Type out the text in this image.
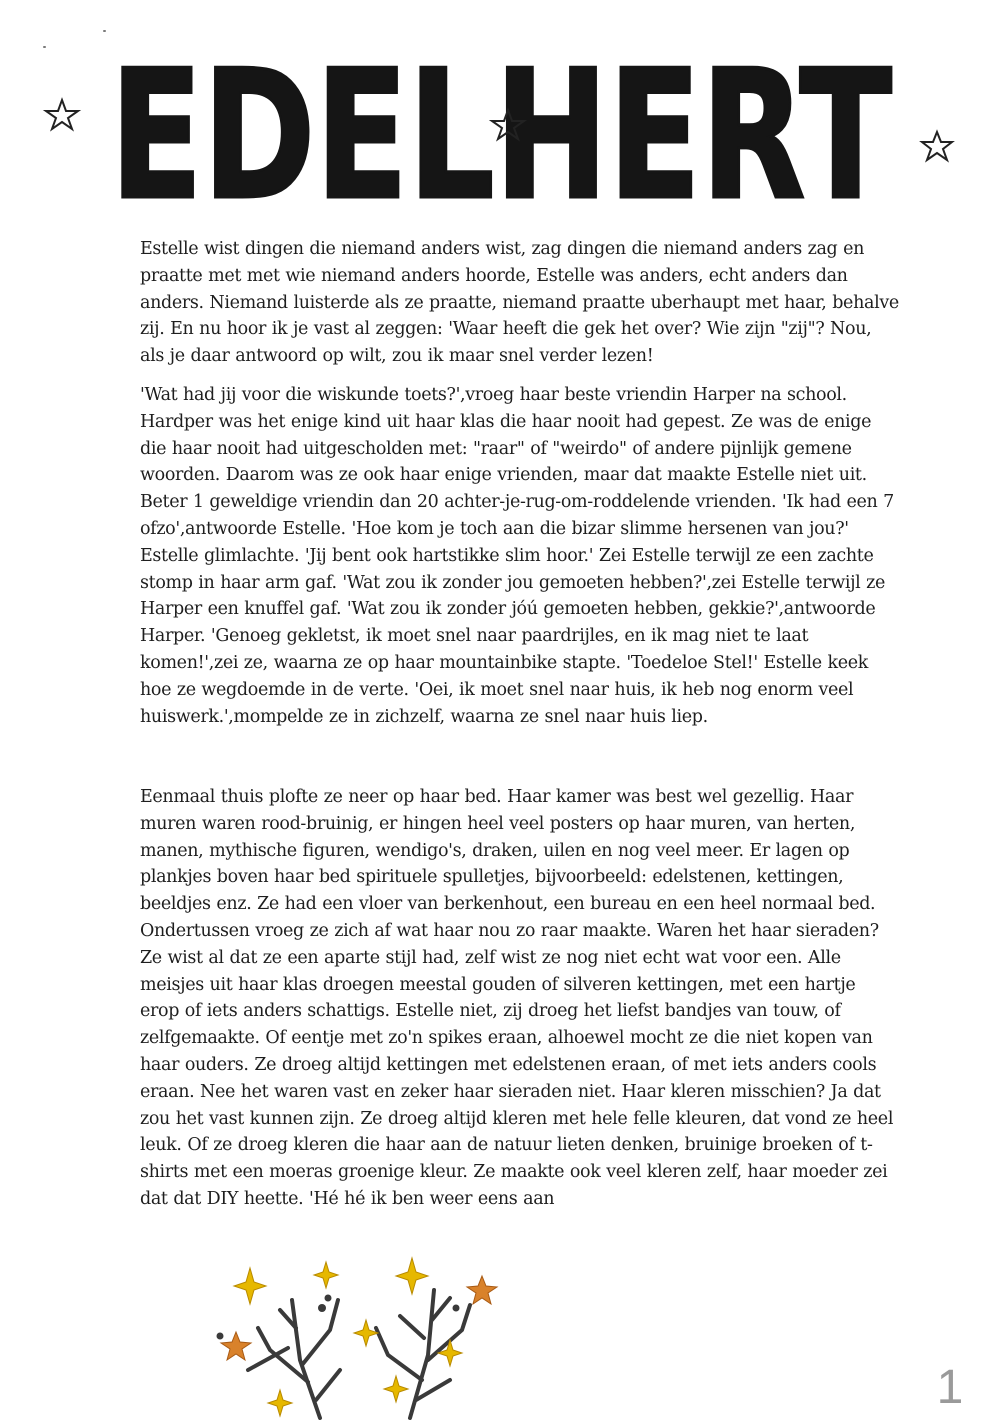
EDELHERT

Estelle wist dingen die niemand anders wist, zag dingen die niemand anders zag en praatte met met wie niemand anders hoorde, Estelle was anders, echt anders dan anders. Niemand luisterde als ze praatte, niemand praatte uberhaupt met haar, behalve zij. En nu hoor ik je vast al zeggen: 'Waar heeft die gek het over? Wie zijn "zij"? Nou, als je daar antwoord op wilt, zou ik maar snel verder lezen!

'Wat had jij voor die wiskunde toets?',vroeg haar beste vriendin Harper na school. Hardper was het enige kind uit haar klas die haar nooit had gepest. Ze was de enige die haar nooit had uitgescholden met: "raar" of "weirdo" of andere pijnlijk gemene woorden. Daarom was ze ook haar enige vrienden, maar dat maakte Estelle niet uit. Beter 1 geweldige vriendin dan 20 achter-je-rug-om-roddelende vrienden. 'Ik had een 7 ofzo',antwoorde Estelle. 'Hoe kom je toch aan die bizar slimme hersenen van jou?' Estelle glimlachte. 'Jij bent ook hartstikke slim hoor.' Zei Estelle terwijl ze een zachte stomp in haar arm gaf. 'Wat zou ik zonder jou gemoeten hebben?',zei Estelle terwijl ze Harper een knuffel gaf. 'Wat zou ik zonder jóú gemoeten hebben, gekkie?',antwoorde Harper. 'Genoeg gekletst, ik moet snel naar paardrijles, en ik mag niet te laat komen!',zei ze, waarna ze op haar mountainbike stapte. 'Toedeloe Stel!' Estelle keek hoe ze wegdoemde in de verte. 'Oei, ik moet snel naar huis, ik heb nog enorm veel huiswerk.',mompelde ze in zichzelf, waarna ze snel naar huis liep.

Eenmaal thuis plofte ze neer op haar bed. Haar kamer was best wel gezellig. Haar muren waren rood-bruinig, er hingen heel veel posters op haar muren, van herten, manen, mythische figuren, wendigo's, draken, uilen en nog veel meer. Er lagen op plankjes boven haar bed spirituele spulletjes, bijvoorbeeld: edelstenen, kettingen, beeldjes enz. Ze had een vloer van berkenhout, een bureau en een heel normaal bed. Ondertussen vroeg ze zich af wat haar nou zo raar maakte. Waren het haar sieraden? Ze wist al dat ze een aparte stijl had, zelf wist ze nog niet echt wat voor een. Alle meisjes uit haar klas droegen meestal gouden of silveren kettingen, met een hartje erop of iets anders schattigs. Estelle niet, zij droeg het liefst bandjes van touw, of zelfgemaakte. Of eentje met zo'n spikes eraan, alhoewel mocht ze die niet kopen van haar ouders. Ze droeg altijd kettingen met edelstenen eraan, of met iets anders cools eraan. Nee het waren vast en zeker haar sieraden niet. Haar kleren misschien? Ja dat zou het vast kunnen zijn. Ze droeg altijd kleren met hele felle kleuren, dat vond ze heel leuk. Of ze droeg kleren die haar aan de natuur lieten denken, bruinige broeken of t-shirts met een moeras groenige kleur. Ze maakte ook veel kleren zelf, haar moeder zei dat dat DIY heette. 'Hé hé ik ben weer eens aan

1
